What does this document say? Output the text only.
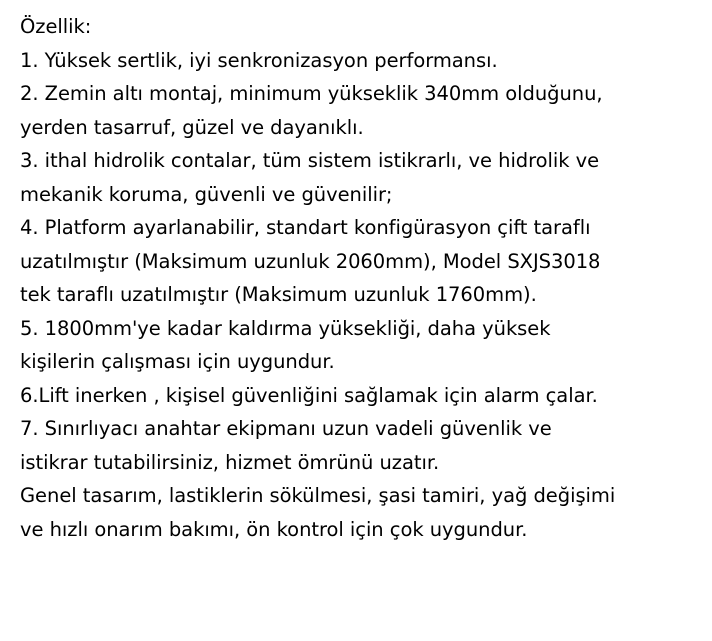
Özellik:
1. Yüksek sertlik, iyi senkronizasyon performansı.
2. Zemin altı montaj, minimum yükseklik 340mm olduğunu,
yerden tasarruf, güzel ve dayanıklı.
3. ithal hidrolik contalar, tüm sistem istikrarlı, ve hidrolik ve
mekanik koruma, güvenli ve güvenilir;
4. Platform ayarlanabilir, standart konfigürasyon çift taraflı
uzatılmıştır (Maksimum uzunluk 2060mm), Model SXJS3018
tek taraflı uzatılmıştır (Maksimum uzunluk 1760mm).
5. 1800mm'ye kadar kaldırma yüksekliği, daha yüksek
kişilerin çalışması için uygundur.
6.Lift inerken , kişisel güvenliğini sağlamak için alarm çalar.
7. Sınırlıyacı anahtar ekipmanı uzun vadeli güvenlik ve
istikrar tutabilirsiniz, hizmet ömrünü uzatır.
Genel tasarım, lastiklerin sökülmesi, şasi tamiri, yağ değişimi
ve hızlı onarım bakımı, ön kontrol için çok uygundur.
